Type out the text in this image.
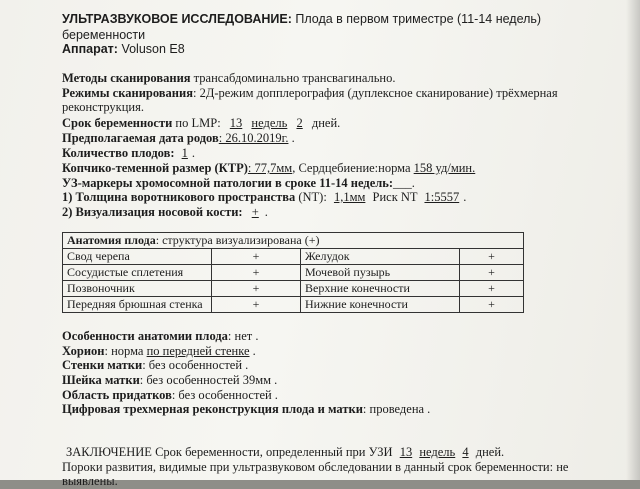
УЛЬТРАЗВУКОВОЕ ИССЛЕДОВАНИЕ: Плода в первом триместре (11-14 недель)
беременности
Аппарат: Voluson E8
Методы сканирования трансабдоминально трансвагинально.
Режимы сканирования: 2Д-режим допплерография (дуплексное сканирование) трёхмерная
реконструкция.
Срок беременности по LMP: 13 недель 2 дней.
Предполагаемая дата родов: 26.10.2019г. .
Количество плодов: 1 .
Копчико-теменной размер (КТР): 77,7мм, Сердцебиение:норма 158 уд/мин.
УЗ-маркеры хромосомной патологии в сроке 11-14 недель:___.
1) Толщина воротникового пространства (NT): 1,1мм Риск NT 1:5557 .
2) Визуализация носовой кости: + .
Анатомия плода: структура визуализирована (+)			
Свод черепа	+	Желудок	+
Сосудистые сплетения	+	Мочевой пузырь	+
Позвоночник	+	Верхние конечности	+
Передняя брюшная стенка	+	Нижние конечности	+
Особенности анатомии плода: нет .
Хорион: норма по передней стенке .
Стенки матки: без особенностей .
Шейка матки: без особенностей 39мм .
Область придатков: без особенностей .
Цифровая трехмерная реконструкция плода и матки: проведена .
ЗАКЛЮЧЕНИЕ Срок беременности, определенный при УЗИ 13 недель 4 дней.
Пороки развития, видимые при ультразвуковом обследовании в данный срок беременности: не
выявлены.
